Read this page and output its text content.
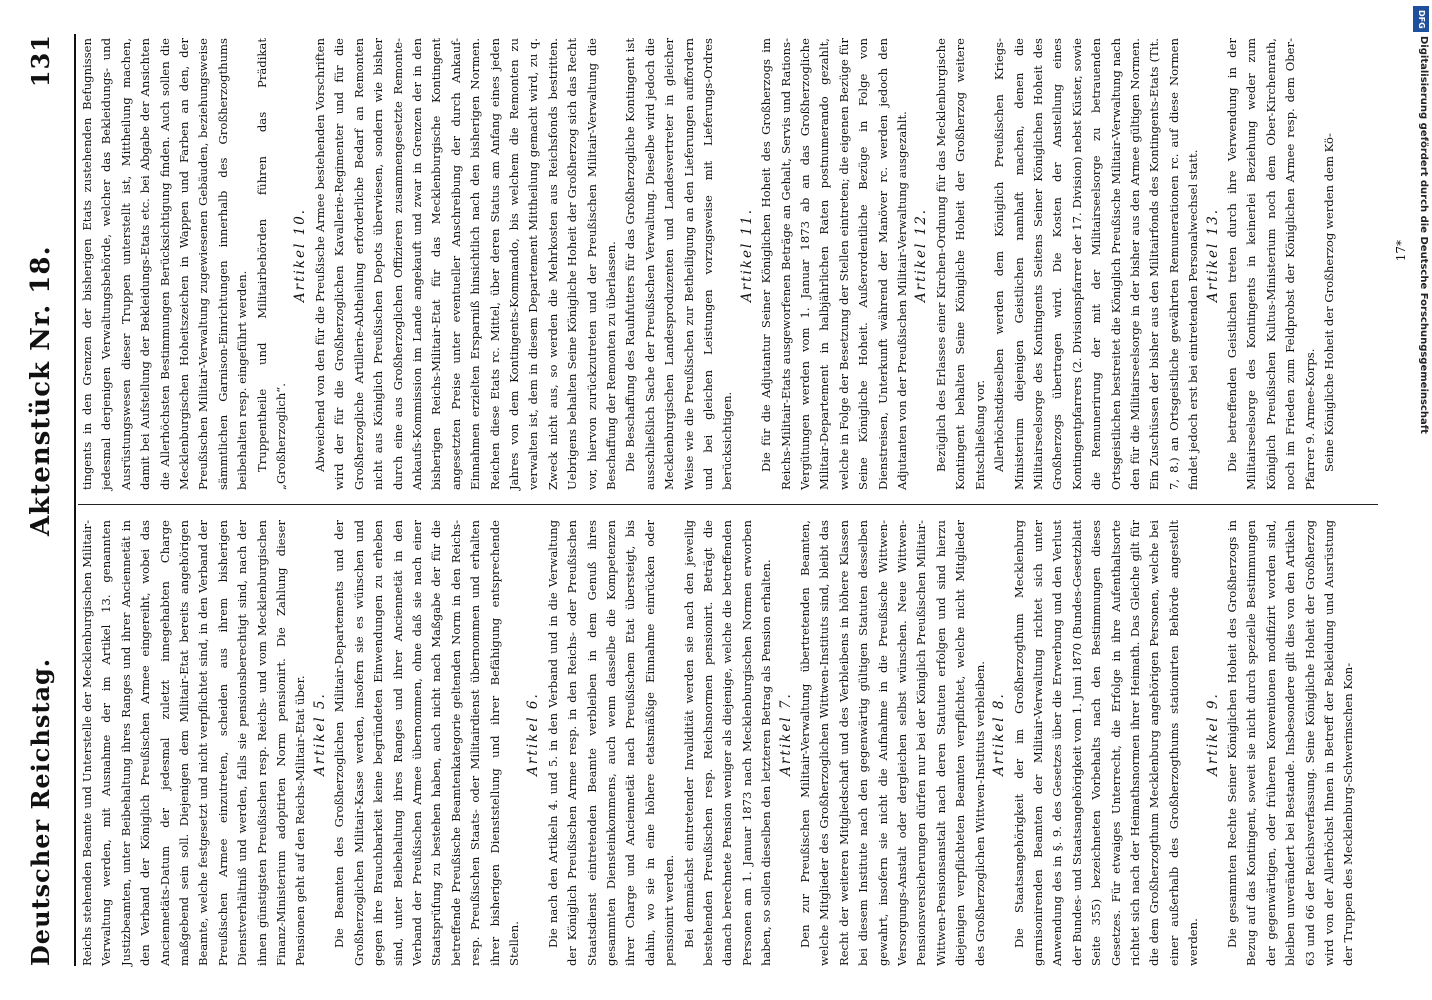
Deutscher Reichstag.
Aktenstück Nr. 18.
131

Reichs stehenden Beamte und Unterstelle der Mecklenburgischen Militair-Verwaltung werden, mit Ausnahme der im Artikel 13. genannten Justizbeamten, unter Beibehaltung ihres Ranges und ihrer Anciennetät in den Verband der Königlich Preußischen Armee eingereiht, wobei das Anciennetäts-Datum der jedesmal zuletzt innegehabten Charge maßgebend sein soll. Diejenigen dem Militair-Etat bereits angehörigen Beamte, welche festgesetzt und nicht verpflichtet sind, in den Verband der Preußischen Armee einzutreten, scheiden aus ihrem bisherigen Dienstverhältniß und werden, falls sie pensionsberechtigt sind, nach der ihnen günstigsten Preußischen resp. Reichs- und vom Mecklenburgischen Finanz-Ministerium adoptirten Norm pensionirt. Die Zahlung dieser Pensionen geht auf den Reichs-Militair-Etat über. Artikel 5. Die Beamten des Großherzoglichen Militair-Departements und der Großherzoglichen Militair-Kasse werden, insofern sie es wünschen und gegen ihre Brauchbarkeit keine begründeten Einwendungen zu erheben sind, unter Beibehaltung ihres Ranges und ihrer Anciennetät in den Verband der Preußischen Armee übernommen, ohne daß sie nach einer Staatsprüfung zu bestehen haben, auch nicht nach Maßgabe der für die betreffende Preußische Beamtenkategorie geltenden Norm in den Reichs- resp. Preußischen Staats- oder Militairdienst übernommen und erhalten ihrer bisherigen Dienststellung und ihrer Befähigung entsprechende Stellen.

Artikel 6. Die nach den Artikeln 4. und 5. in den Verband und in die Verwaltung der Königlich Preußischen Armee resp. in den Reichs- oder Preußischen Staatsdienst eintretenden Beamte verbleiben in dem Genuß ihres gesammten Diensteinkommens, auch wenn dasselbe die Kompetenzen ihrer Charge und Anciennetät nach Preußischem Etat übersteigt, bis dahin, wo sie in eine höhere etatsmäßige Einnahme einrücken oder pensionirt werden. Bei demnächst eintretender Invalidität werden sie nach den jeweilig bestehenden Preußischen resp. Reichsnormen pensionirt. Beträgt die danach berechnete Pension weniger als diejenige, welche die betreffenden Personen am 1. Januar 1873 nach Mecklenburgischen Normen erworben haben, so sollen dieselben den letzteren Betrag als Pension erhalten. Artikel 7. Den zur Preußischen Militair-Verwaltung übertretenden Beamten, welche Mitglieder des Großherzoglichen Wittwen-Instituts sind, bleibt das Recht der weiteren Mitgliedschaft und des Verbleibens in höhere Klassen bei diesem Institute nach den gegenwärtig gültigen Statuten desselben gewahrt, insofern sie nicht die Aufnahme in die Preußische Wittwen-Versorgungs-Anstalt oder dergleichen selbst wünschen. Neue Wittwen-Pensionsversicherungen dürfen nur bei der Königlich Preußischen Militair-Wittwen-Pensionsanstalt nach deren Statuten erfolgen und sind hierzu diejenigen verpflichteten Beamten verpflichtet, welche nicht Mitglieder des Großherzoglichen Wittwen-Instituts verbleiben. Artikel 8. Die Staatsangehörigkeit der im Großherzogthum Mecklenburg garnisonirenden Beamten der Militair-Verwaltung richtet sich unter Anwendung des in §. 9. des Gesetzes über die Erwerbung und den Verlust der Bundes- und Staatsangehörigkeit vom 1. Juni 1870 (Bundes-Gesetzblatt Seite 355) bezeichneten Vorbehalts nach den Bestimmungen dieses Gesetzes. Für etwaiges Unterrecht, die Erfolge in ihre Aufenthaltsorte richtet sich nach der Heimathsnormen ihrer Heimath. Das Gleiche gilt für die dem Großherzogthum Mecklenburg angehörigen Personen, welche bei einer außerhalb des Großherzogthums stationirten Behörde angestellt werden.

Artikel 9. Die gesammten Rechte Seiner Königlichen Hoheit des Großherzogs in Bezug auf das Kontingent, soweit sie nicht durch spezielle Bestimmungen der gegenwärtigen, oder früheren Konventionen modifizirt worden sind, bleiben unverändert bei Bestande. Insbesondere gilt dies von den Artikeln 63 und 66 der Reichsverfassung. Seine Königliche Hoheit der Großherzog wird von der Allerhöchst Ihnen in Betreff der Bekleidung und Ausrüstung der Truppen des Mecklenburg-Schwerinschen Kon-

tingents in den Grenzen der bisherigen Etats zustehenden Befugnissen jedesmal derjenigen Verwaltungsbehörde, welcher das Bekleidungs- und Ausrüstungswesen dieser Truppen unterstellt ist, Mittheilung machen, damit bei Aufstellung der Bekleidungs-Etats etc. bei Abgabe der Ansichten die Allerhöchsten Bestimmungen Berücksichtigung finden. Auch sollen die Mecklenburgischen Hoheitszeichen in Wappen und Farben an den, der Preußischen Militair-Verwaltung zugewiesenen Gebäuden, beziehungsweise sämmtlichen Garnison-Einrichtungen innerhalb des Großherzogthums beibehalten resp. eingeführt werden. Truppentheile und Militairbehörden führen das Prädikat „Großherzoglich“.

Artikel 10. Abweichend von den für die Preußische Armee bestehenden Vorschriften wird der für die Großherzoglichen Kavallerie-Regimenter und für die Großherzogliche Artillerie-Abtheilung erforderliche Bedarf an Remonten nicht aus Königlich Preußischen Depots überwiesen, sondern wie bisher durch eine aus Großherzoglichen Offizieren zusammengesetzte Remonte-Ankaufs-Kommission im Lande angekauft und zwar in Grenzen der in den bisherigen Reichs-Militair-Etat für das Mecklenburgische Kontingent angesetzten Preise unter eventueller Anschreibung der durch Ankauf-Einnahmen erzielten Ersparniß hinsichtlich nach den bisherigen Normen. Reichen diese Etats rc. Mittel, über deren Status am Anfang eines jeden Jahres von dem Kontingents-Kommando, bis welchem die Remonten zu verwalten ist, dem in diesem Departement Mittheilung gemacht wird, zu q. Zweck nicht aus, so werden die Mehrkosten aus Reichsfonds bestritten. Uebrigens behalten Seine Königliche Hoheit der Großherzog sich das Recht vor, hiervon zurückzutreten und der Preußischen Militair-Verwaltung die Beschaffung der Remonten zu überlassen. Die Beschaffung des Rauhfutters für das Großherzogliche Kontingent ist ausschließlich Sache der Preußischen Verwaltung. Dieselbe wird jedoch die Mecklenburgischen Landesproduzenten und Landesvertreter in gleicher Weise wie die Preußischen zur Betheiligung an den Lieferungen auffordern und bei gleichen Leistungen vorzugsweise mit Lieferungs-Ordres berücksichtigen.

Artikel 11. Die für die Adjutantur Seiner Königlichen Hoheit des Großherzogs im Reichs-Militair-Etats ausgeworfenen Beträge an Gehalt, Servis und Rations-Vergütungen werden vom 1. Januar 1873 ab an das Großherzogliche Militair-Departement in halbjährlichen Raten postnumerando gezahlt, welche in Folge der Besetzung der Stellen eintreten; die eigenen Bezüge für Seine Königliche Hoheit. Außerordentliche Bezüge in Folge von Dienstreisen, Unterkunft während der Manöver rc. werden jedoch den Adjutanten von der Preußischen Militair-Verwaltung ausgezahlt. Artikel 12. Bezüglich des Erlasses einer Kirchen-Ordnung für das Mecklenburgische Kontingent behalten Seine Königliche Hoheit der Großherzog weitere Entschließung vor. Allerhöchstdieselben werden dem Königlich Preußischen Kriegs-Ministerium diejenigen Geistlichen namhaft machen, denen die Militairseelsorge des Kontingents Seitens Seiner Königlichen Hoheit des Großherzogs übertragen wird. Die Kosten der Anstellung eines Kontingentpfarrers (2. Divisionspfarrer der 17. Division) nebst Küster, sowie die Remunerirung der mit der Militairseelsorge zu betrauenden Ortsgeistlichen bestreitet die Königlich Preußische Militair-Verwaltung nach den für die Militairseelsorge in der bisher aus den Armee gültigen Normen. Ein Zuschüssen der bisher aus den Militairfonds des Kontingents-Etats (Tit. 7, 8.) an Ortsgeistliche gewährten Remunerationen rc. auf diese Normen findet jedoch erst bei eintretenden Personalwechsel statt. Artikel 13. Die betreffenden Geistlichen treten durch ihre Verwendung in der Militairseelsorge des Kontingents in keinerlei Beziehung weder zum Königlich Preußischen Kultus-Ministerium noch dem Ober-Kirchenrath, noch im Frieden zum Feldprobst der Königlichen Armee resp. dem Ober-Pfarrer 9. Armee-Korps. Seine Königliche Hoheit der Großherzog werden dem Kö-	17*
DFG
Digitalisierung gefördert durch die Deutsche Forschungsgemeinschaft
